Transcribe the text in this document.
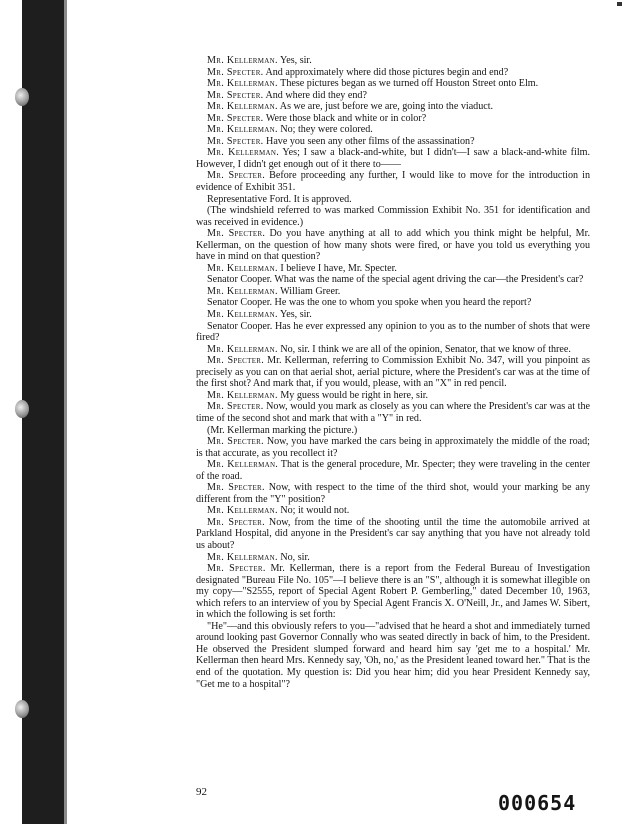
Mr. Kellerman. Yes, sir.

Mr. Specter. And approximately where did those pictures begin and end?

Mr. Kellerman. These pictures began as we turned off Houston Street onto Elm.

Mr. Specter. And where did they end?

Mr. Kellerman. As we are, just before we are, going into the viaduct.

Mr. Specter. Were those black and white or in color?

Mr. Kellerman. No; they were colored.

Mr. Specter. Have you seen any other films of the assassination?

Mr. Kellerman. Yes; I saw a black-and-white, but I didn't—I saw a black-and-white film. However, I didn't get enough out of it there to——

Mr. Specter. Before proceeding any further, I would like to move for the introduction in evidence of Exhibit 351.

Representative Ford. It is approved.

(The windshield referred to was marked Commission Exhibit No. 351 for identification and was received in evidence.)

Mr. Specter. Do you have anything at all to add which you think might be helpful, Mr. Kellerman, on the question of how many shots were fired, or have you told us everything you have in mind on that question?

Mr. Kellerman. I believe I have, Mr. Specter.

Senator Cooper. What was the name of the special agent driving the car—the President's car?

Mr. Kellerman. William Greer.

Senator Cooper. He was the one to whom you spoke when you heard the report?

Mr. Kellerman. Yes, sir.

Senator Cooper. Has he ever expressed any opinion to you as to the number of shots that were fired?

Mr. Kellerman. No, sir. I think we are all of the opinion, Senator, that we know of three.

Mr. Specter. Mr. Kellerman, referring to Commission Exhibit No. 347, will you pinpoint as precisely as you can on that aerial shot, aerial picture, where the President's car was at the time of the first shot? And mark that, if you would, please, with an "X" in red pencil.

Mr. Kellerman. My guess would be right in here, sir.

Mr. Specter. Now, would you mark as closely as you can where the President's car was at the time of the second shot and mark that with a "Y" in red.

(Mr. Kellerman marking the picture.)

Mr. Specter. Now, you have marked the cars being in approximately the middle of the road; is that accurate, as you recollect it?

Mr. Kellerman. That is the general procedure, Mr. Specter; they were traveling in the center of the road.

Mr. Specter. Now, with respect to the time of the third shot, would your marking be any different from the "Y" position?

Mr. Kellerman. No; it would not.

Mr. Specter. Now, from the time of the shooting until the time the automobile arrived at Parkland Hospital, did anyone in the President's car say anything that you have not already told us about?

Mr. Kellerman. No, sir.

Mr. Specter. Mr. Kellerman, there is a report from the Federal Bureau of Investigation designated "Bureau File No. 105"—I believe there is an "S", although it is somewhat illegible on my copy—"S2555, report of Special Agent Robert P. Gemberling," dated December 10, 1963, which refers to an interview of you by Special Agent Francis X. O'Neill, Jr., and James W. Sibert, in which the following is set forth:

"He"—and this obviously refers to you—"advised that he heard a shot and immediately turned around looking past Governor Connally who was seated directly in back of him, to the President. He observed the President slumped forward and heard him say 'get me to a hospital.' Mr. Kellerman then heard Mrs. Kennedy say, 'Oh, no,' as the President leaned toward her." That is the end of the quotation. My question is: Did you hear him; did you hear President Kennedy say, "Get me to a hospital"?

92	000654
